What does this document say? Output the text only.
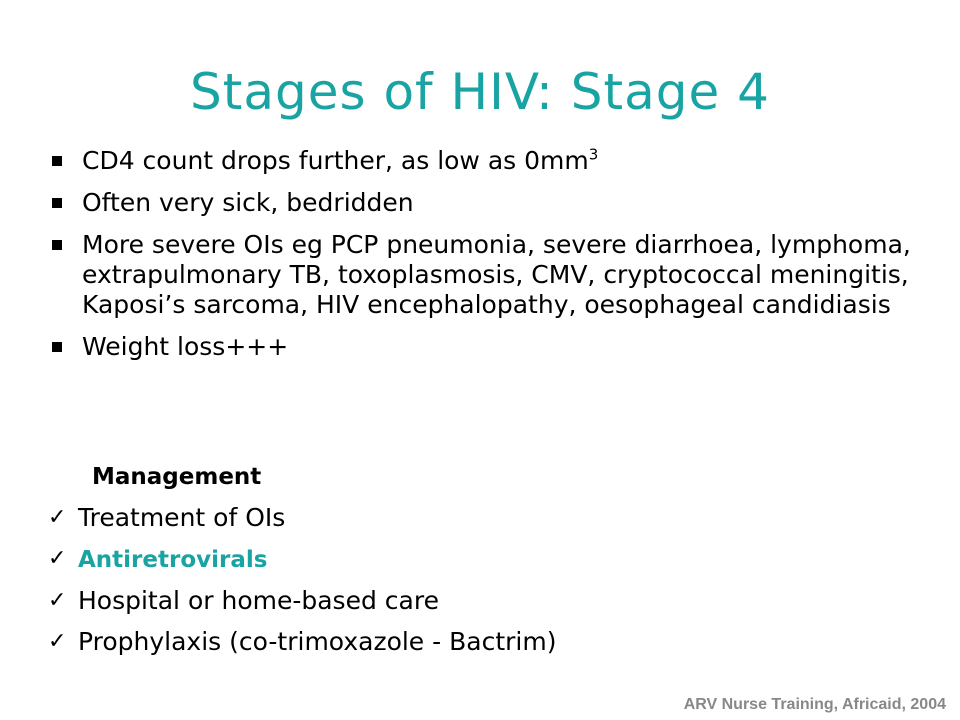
Stages of HIV: Stage 4
CD4 count drops further, as low as $0mm^3$
Often very sick, bedridden
More severe OIs eg PCP pneumonia, severe diarrhoea, lymphoma, extrapulmonary TB, toxoplasmosis, CMV, cryptococcal meningitis, Kaposi’s sarcoma, HIV encephalopathy, oesophageal candidiasis
Weight loss+++
Management
✓ Treatment of OIs
✓ Antiretrovirals
✓ Hospital or home-based care
✓ Prophylaxis (co-trimoxazole - Bactrim)
ARV Nurse Training, Africaid, 2004
